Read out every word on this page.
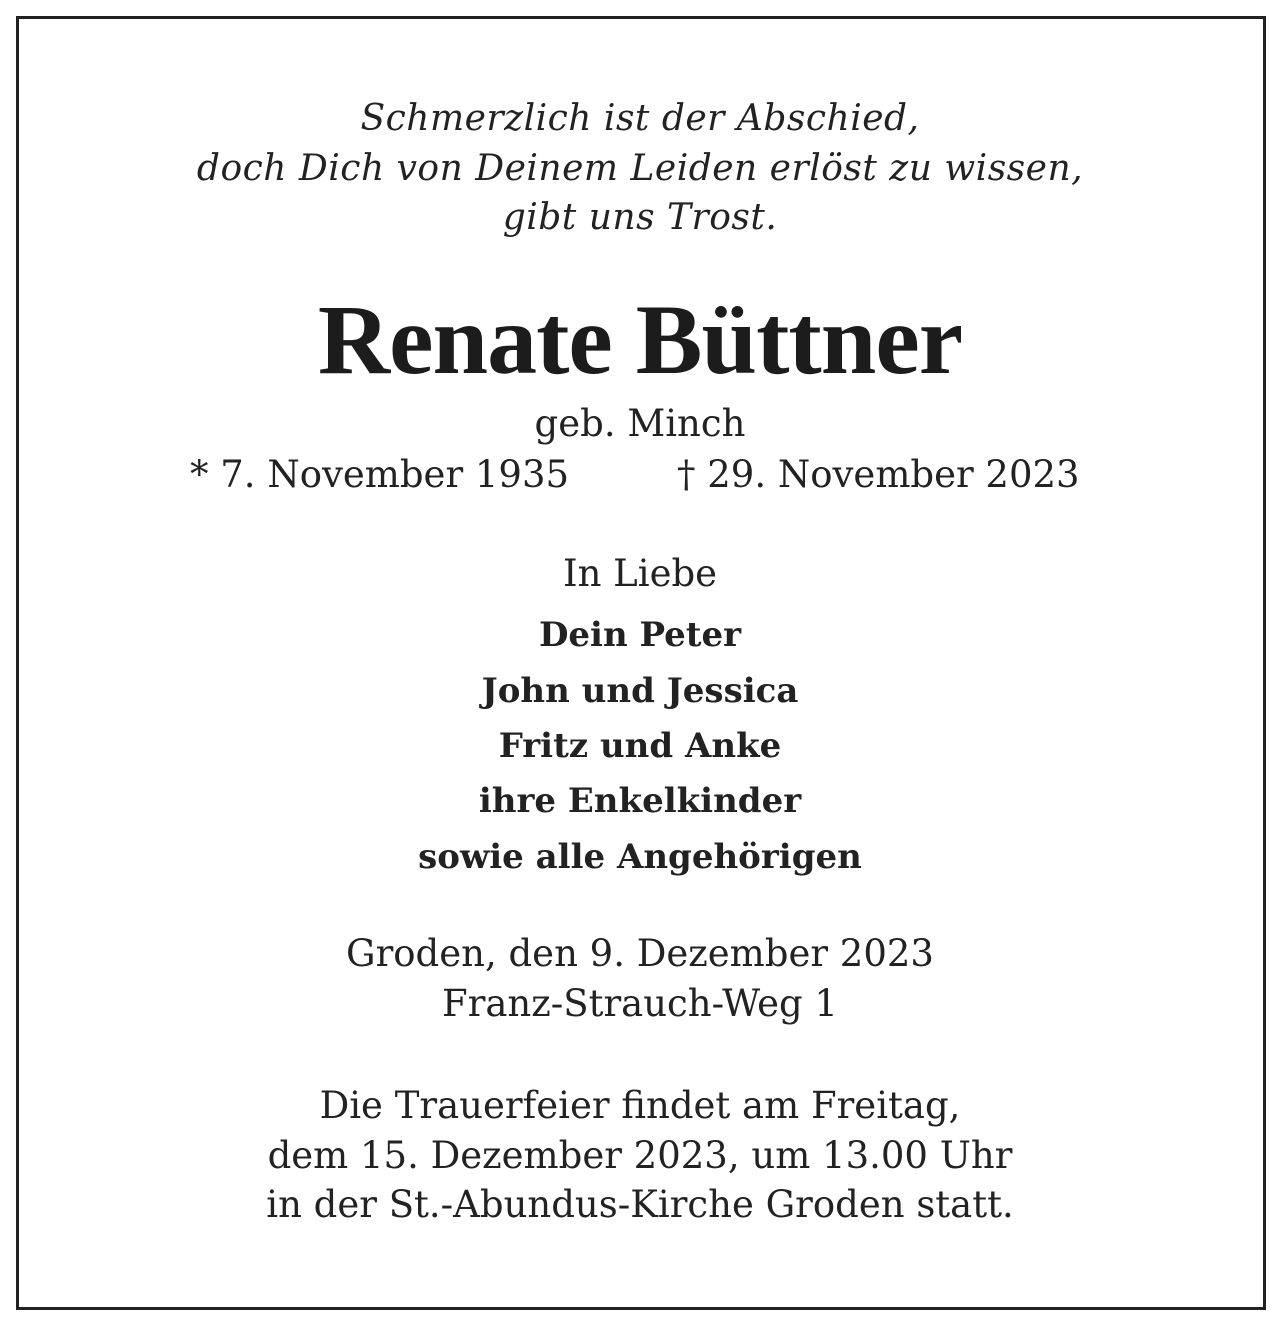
Schmerzlich ist der Abschied,
doch Dich von Deinem Leiden erlöst zu wissen,
gibt uns Trost.
Renate Büttner
geb. Minch
* 7. November 1935	† 29. November 2023
In Liebe
Dein Peter
John und Jessica
Fritz und Anke
ihre Enkelkinder
sowie alle Angehörigen
Groden, den 9. Dezember 2023
Franz-Strauch-Weg 1
Die Trauerfeier findet am Freitag,
dem 15. Dezember 2023, um 13.00 Uhr
in der St.-Abundus-Kirche Groden statt.
